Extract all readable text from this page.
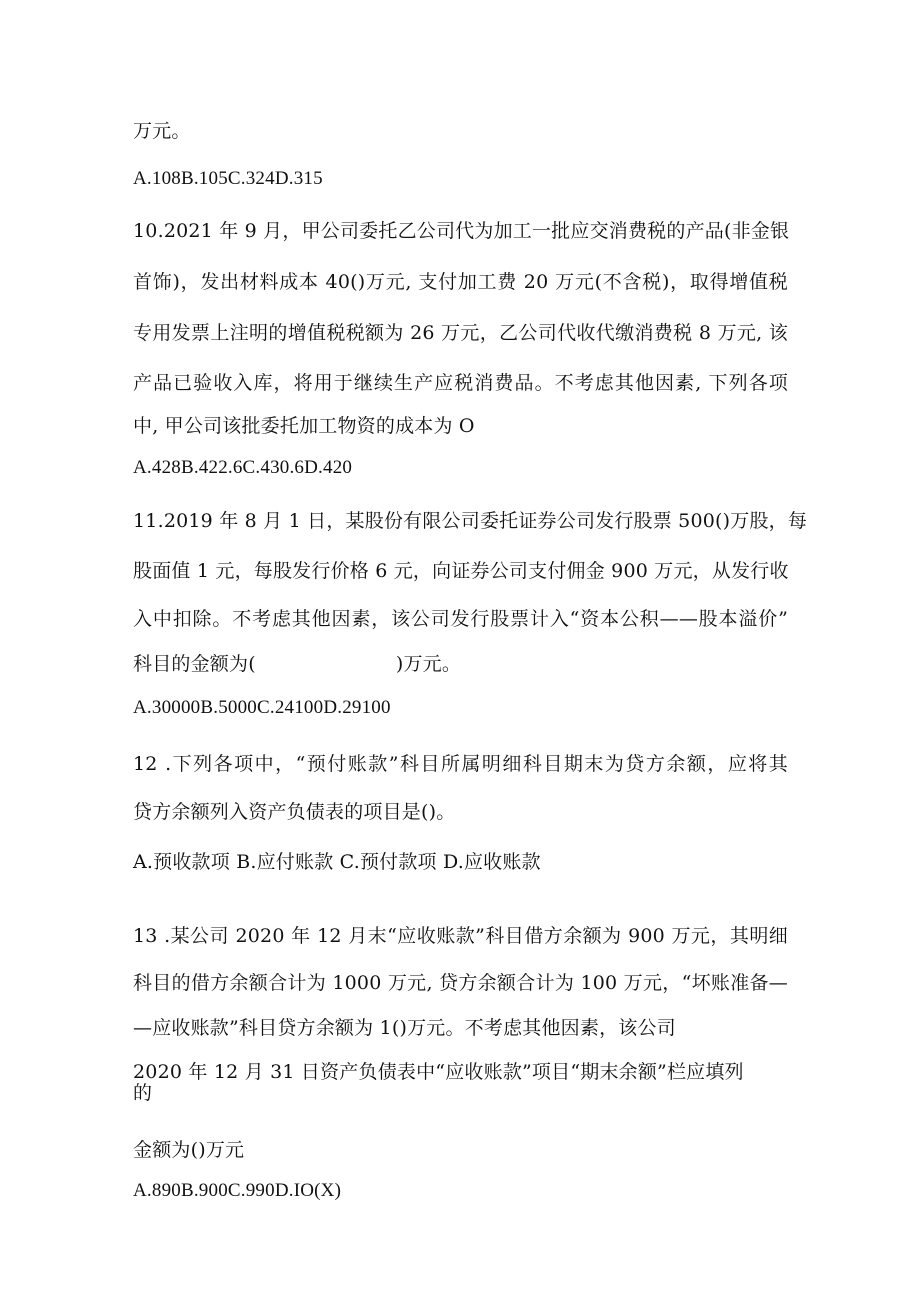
万元。
A.108B.105C.324D.315
10.2021 年 9 月，甲公司委托乙公司代为加工一批应交消费税的产品(非金银
首饰)，发出材料成本 40()万元, 支付加工费 20 万元(不含税)，取得增值税
专用发票上注明的增值税税额为 26 万元，乙公司代收代缴消费税 8 万元, 该
产品已验收入库，将用于继续生产应税消费品。不考虑其他因素, 下列各项
中, 甲公司该批委托加工物资的成本为 O
A.428B.422.6C.430.6D.420
11.2019 年 8 月 1 日，某股份有限公司委托证券公司发行股票 500()万股，每
股面值 1 元，每股发行价格 6 元，向证券公司支付佣金 900 万元，从发行收
入中扣除。不考虑其他因素，该公司发行股票计入“资本公积——股本溢价”
科目的金额为(	)万元。
A.30000B.5000C.24100D.29100
12 .下列各项中，“预付账款”科目所属明细科目期末为贷方余额，应将其
贷方余额列入资产负债表的项目是()。
A.预收款项 B.应付账款 C.预付款项 D.应收账款
13 .某公司 2020 年 12 月末“应收账款”科目借方余额为 900 万元，其明细
科目的借方余额合计为 1000 万元, 贷方余额合计为 100 万元，“坏账准备—
—应收账款”科目贷方余额为 1()万元。不考虑其他因素，该公司
2020 年 12 月 31 日资产负债表中“应收账款”项目“期末余额”栏应填列
的
金额为()万元
A.890B.900C.990D.IO(X)
